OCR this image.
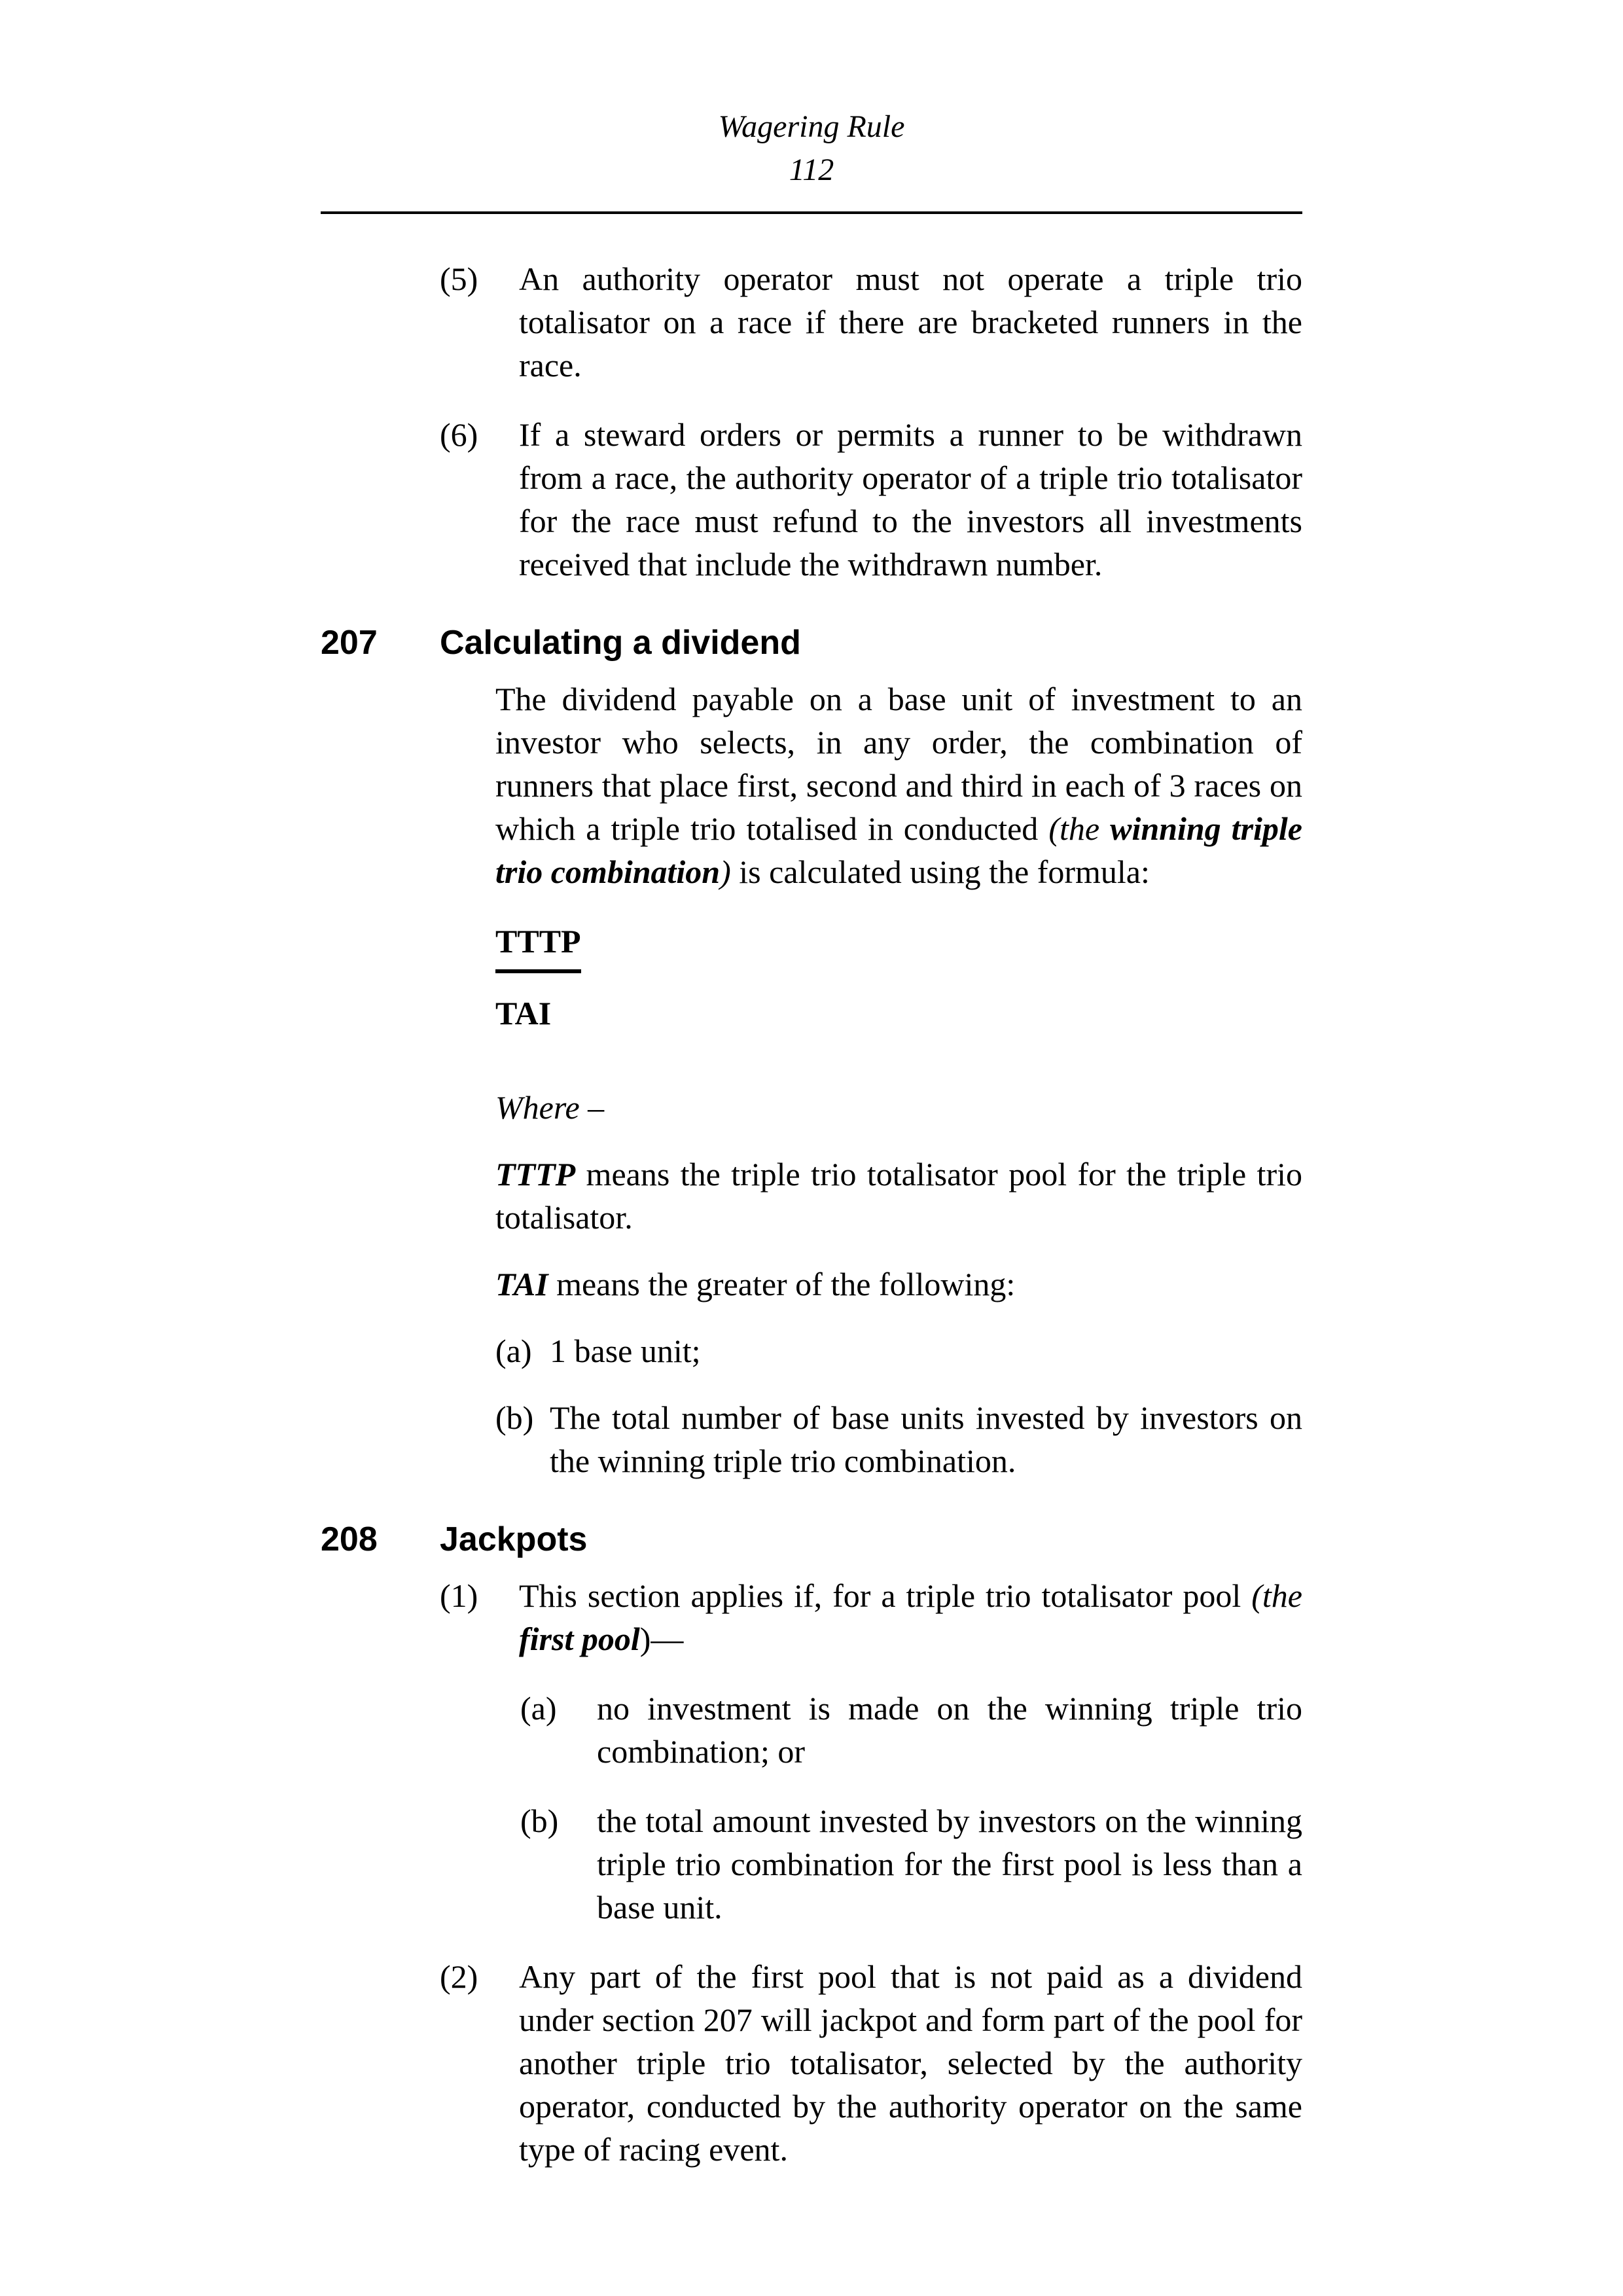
Wagering Rule
112
(5) An authority operator must not operate a triple trio totalisator on a race if there are bracketed runners in the race.
(6) If a steward orders or permits a runner to be withdrawn from a race, the authority operator of a triple trio totalisator for the race must refund to the investors all investments received that include the withdrawn number.
207 Calculating a dividend
The dividend payable on a base unit of investment to an investor who selects, in any order, the combination of runners that place first, second and third in each of 3 races on which a triple trio totalised in conducted (the winning triple trio combination) is calculated using the formula:
TTTP
TAI
Where –
TTTP means the triple trio totalisator pool for the triple trio totalisator.
TAI means the greater of the following:
(a) 1 base unit;
(b) The total number of base units invested by investors on the winning triple trio combination.
208 Jackpots
(1) This section applies if, for a triple trio totalisator pool (the first pool)—
(a) no investment is made on the winning triple trio combination; or
(b) the total amount invested by investors on the winning triple trio combination for the first pool is less than a base unit.
(2) Any part of the first pool that is not paid as a dividend under section 207 will jackpot and form part of the pool for another triple trio totalisator, selected by the authority operator, conducted by the authority operator on the same type of racing event.
